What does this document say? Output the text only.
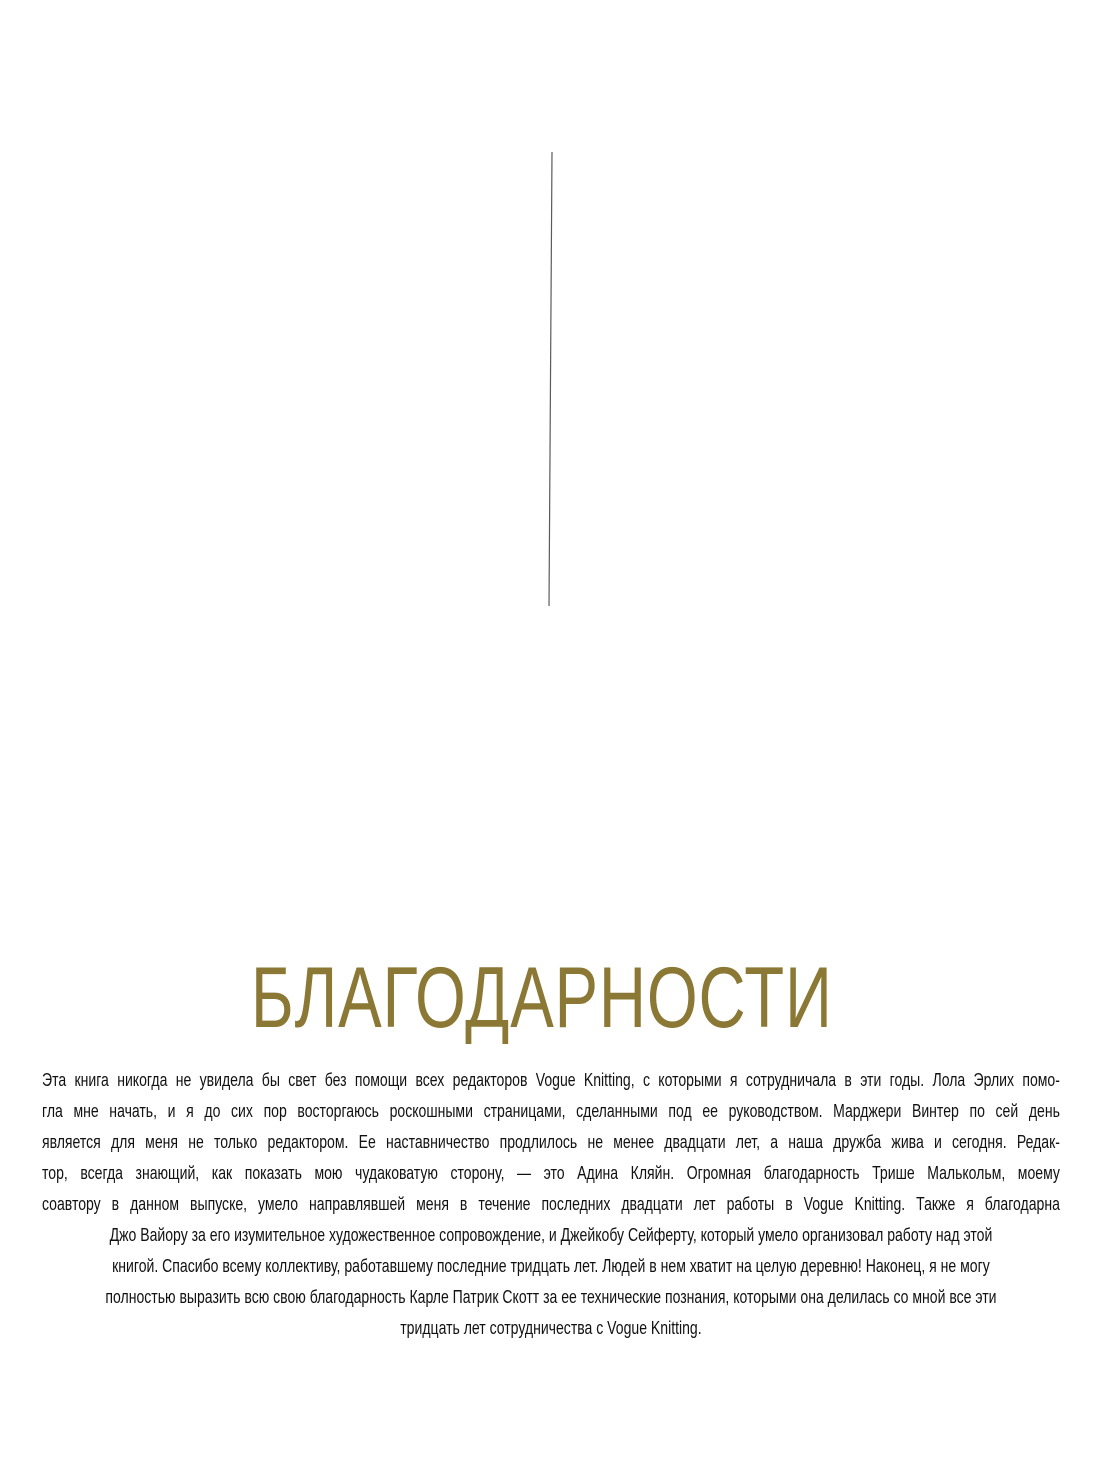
БЛАГОДАРНОСТИ
Эта книга никогда не увидела бы свет без помощи всех редакторов Vogue Knitting, с которыми я сотрудничала в эти годы. Лола Эрлих помо-
гла мне начать, и я до сих пор восторгаюсь роскошными страницами, сделанными под ее руководством. Марджери Винтер по сей день
является для меня не только редактором. Ее наставничество продлилось не менее двадцати лет, а наша дружба жива и сегодня. Редак-
тор, всегда знающий, как показать мою чудаковатую сторону, — это Адина Кляйн. Огромная благодарность Трише Малькольм, моему
соавтору в данном выпуске, умело направлявшей меня в течение последних двадцати лет работы в Vogue Knitting. Также я благодарна
Джо Вайору за его изумительное художественное сопровождение, и Джейкобу Сейферту, который умело организовал работу над этой
книгой. Спасибо всему коллективу, работавшему последние тридцать лет. Людей в нем хватит на целую деревню! Наконец, я не могу
полностью выразить всю свою благодарность Карле Патрик Скотт за ее технические познания, которыми она делилась со мной все эти
тридцать лет сотрудничества с Vogue Knitting.
